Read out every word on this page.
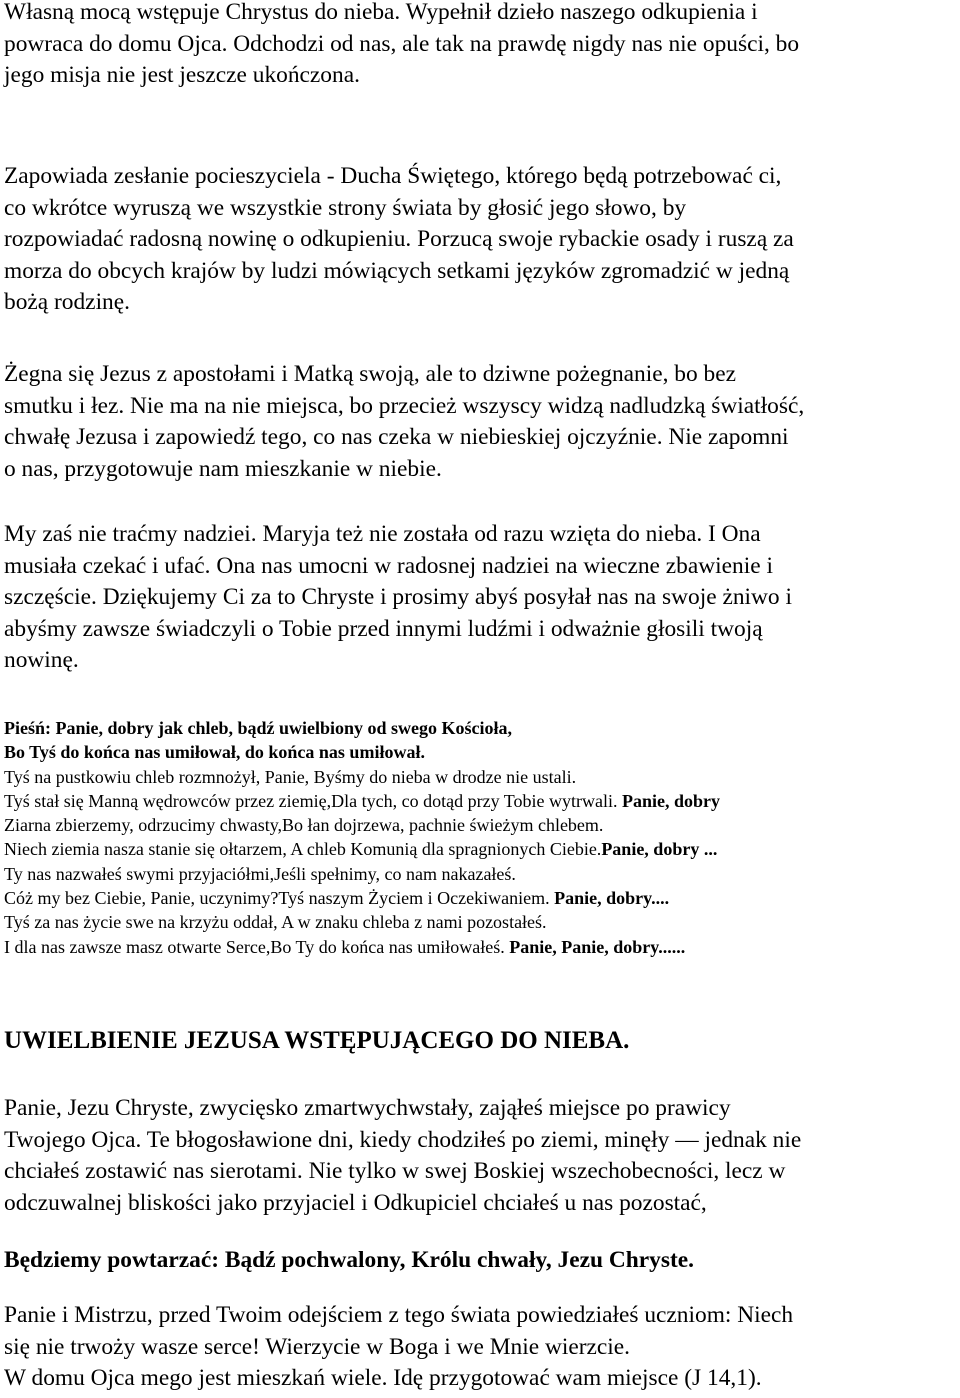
Własną mocą wstępuje Chrystus do nieba. Wypełnił dzieło naszego odkupienia i
powraca do domu Ojca. Odchodzi od nas, ale tak na prawdę nigdy nas nie opuści, bo
jego misja nie jest jeszcze ukończona.

Zapowiada zesłanie pocieszyciela - Ducha Świętego, którego będą potrzebować ci,
co wkrótce wyruszą we wszystkie strony świata by głosić jego słowo, by
rozpowiadać radosną nowinę o odkupieniu. Porzucą swoje rybackie osady i ruszą za
morza do obcych krajów by ludzi mówiących setkami języków zgromadzić w jedną
bożą rodzinę.

Żegna się Jezus z apostołami i Matką swoją, ale to dziwne pożegnanie, bo bez
smutku i łez. Nie ma na nie miejsca, bo przecież wszyscy widzą nadludzką światłość,
chwałę Jezusa i zapowiedź tego, co nas czeka w niebieskiej ojczyźnie. Nie zapomni
o nas, przygotowuje nam mieszkanie w niebie.

My zaś nie traćmy nadziei. Maryja też nie została od razu wzięta do nieba. I Ona
musiała czekać i ufać. Ona nas umocni w radosnej nadziei na wieczne zbawienie i
szczęście. Dziękujemy Ci za to Chryste i prosimy abyś posyłał nas na swoje żniwo i
abyśmy zawsze świadczyli o Tobie przed innymi ludźmi i odważnie głosili twoją
nowinę.

Pieśń: Panie, dobry jak chleb, bądź uwielbiony od swego Kościoła,
Bo Tyś do końca nas umiłował, do końca nas umiłował.
Tyś na pustkowiu chleb rozmnożył, Panie, Byśmy do nieba w drodze nie ustali.
Tyś stał się Manną wędrowców przez ziemię,Dla tych, co dotąd przy Tobie wytrwali. Panie, dobry
Ziarna zbierzemy, odrzucimy chwasty,Bo łan dojrzewa, pachnie świeżym chlebem.
Niech ziemia nasza stanie się ołtarzem, A chleb Komunią dla spragnionych Ciebie.Panie, dobry ...
Ty nas nazwałeś swymi przyjaciółmi,Jeśli spełnimy, co nam nakazałeś.
Cóż my bez Ciebie, Panie, uczynimy?Tyś naszym Życiem i Oczekiwaniem. Panie, dobry....
Tyś za nas życie swe na krzyżu oddał, A w znaku chleba z nami pozostałeś.
I dla nas zawsze masz otwarte Serce,Bo Ty do końca nas umiłowałeś. Panie, Panie, dobry......
UWIELBIENIE JEZUSA WSTĘPUJĄCEGO DO NIEBA.

Panie, Jezu Chryste, zwycięsko zmartwychwstały, zająłeś miejsce po prawicy
Twojego Ojca. Te błogosławione dni, kiedy chodziłeś po ziemi, minęły — jednak nie
chciałeś zostawić nas sierotami. Nie tylko w swej Boskiej wszechobecności, lecz w
odczuwalnej bliskości jako przyjaciel i Odkupiciel chciałeś u nas pozostać,

Będziemy powtarzać: Bądź pochwalony, Królu chwały, Jezu Chryste.

Panie i Mistrzu, przed Twoim odejściem z tego świata powiedziałeś uczniom: Niech
się nie trwoży wasze serce! Wierzycie w Boga i we Mnie wierzcie.
W domu Ojca mego jest mieszkań wiele. Idę przygotować wam miejsce (J 14,1).
